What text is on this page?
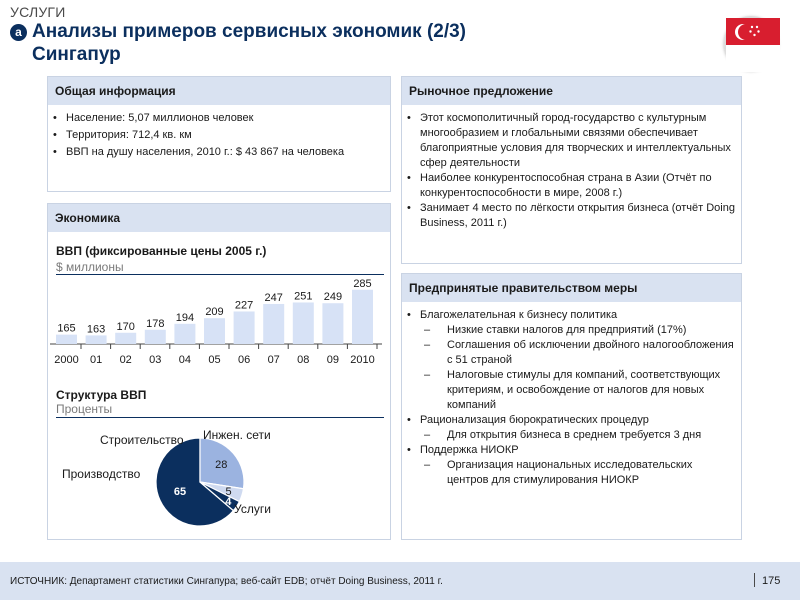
УСЛУГИ
a Анализы примеров сервисных экономик (2/3)
Сингапур
Общая информация
• Население: 5,07 миллионов человек
• Территория: 712,4 кв. км
• ВВП на душу населения, 2010 г.: $ 43 867 на человека
Рыночное предложение
• Этот космополитичный город-государство с культурным многообразием и глобальными связями обеспечивает благоприятные условия для творческих и интеллектуальных сфер деятельности
• Наиболее конкурентоспособная страна в Азии (Отчёт по конкурентоспособности в мире, 2008 г.)
• Занимает 4 место по лёгкости открытия бизнеса (отчёт Doing Business, 2011 г.)
Экономика
ВВП (фиксированные цены 2005 г.)
$ миллионы
165
2000
163
01
170
02
178
03
194
04
209
05
227
06
247
07
251
08
249
09
285
2010
Структура ВВП
Проценты
65
28
5
4
Услуги
Производство
Строительство Инжен. сети
Предпринятые правительством меры
• Благожелательная к бизнесу политика
– Низкие ставки налогов для предприятий (17%)
– Соглашения об исключении двойного налогообложения с 51 страной
– Налоговые стимулы для компаний, соответствующих критериям, и освобождение от налогов для новых компаний
• Рационализация бюрократических процедур
– Для открытия бизнеса в среднем требуется 3 дня
• Поддержка НИОКР
– Организация национальных исследовательских центров для стимулирования НИОКР
ИСТОЧНИК: Департамент статистики Сингапура; веб-сайт EDB; отчёт Doing Business, 2011 г.	175
